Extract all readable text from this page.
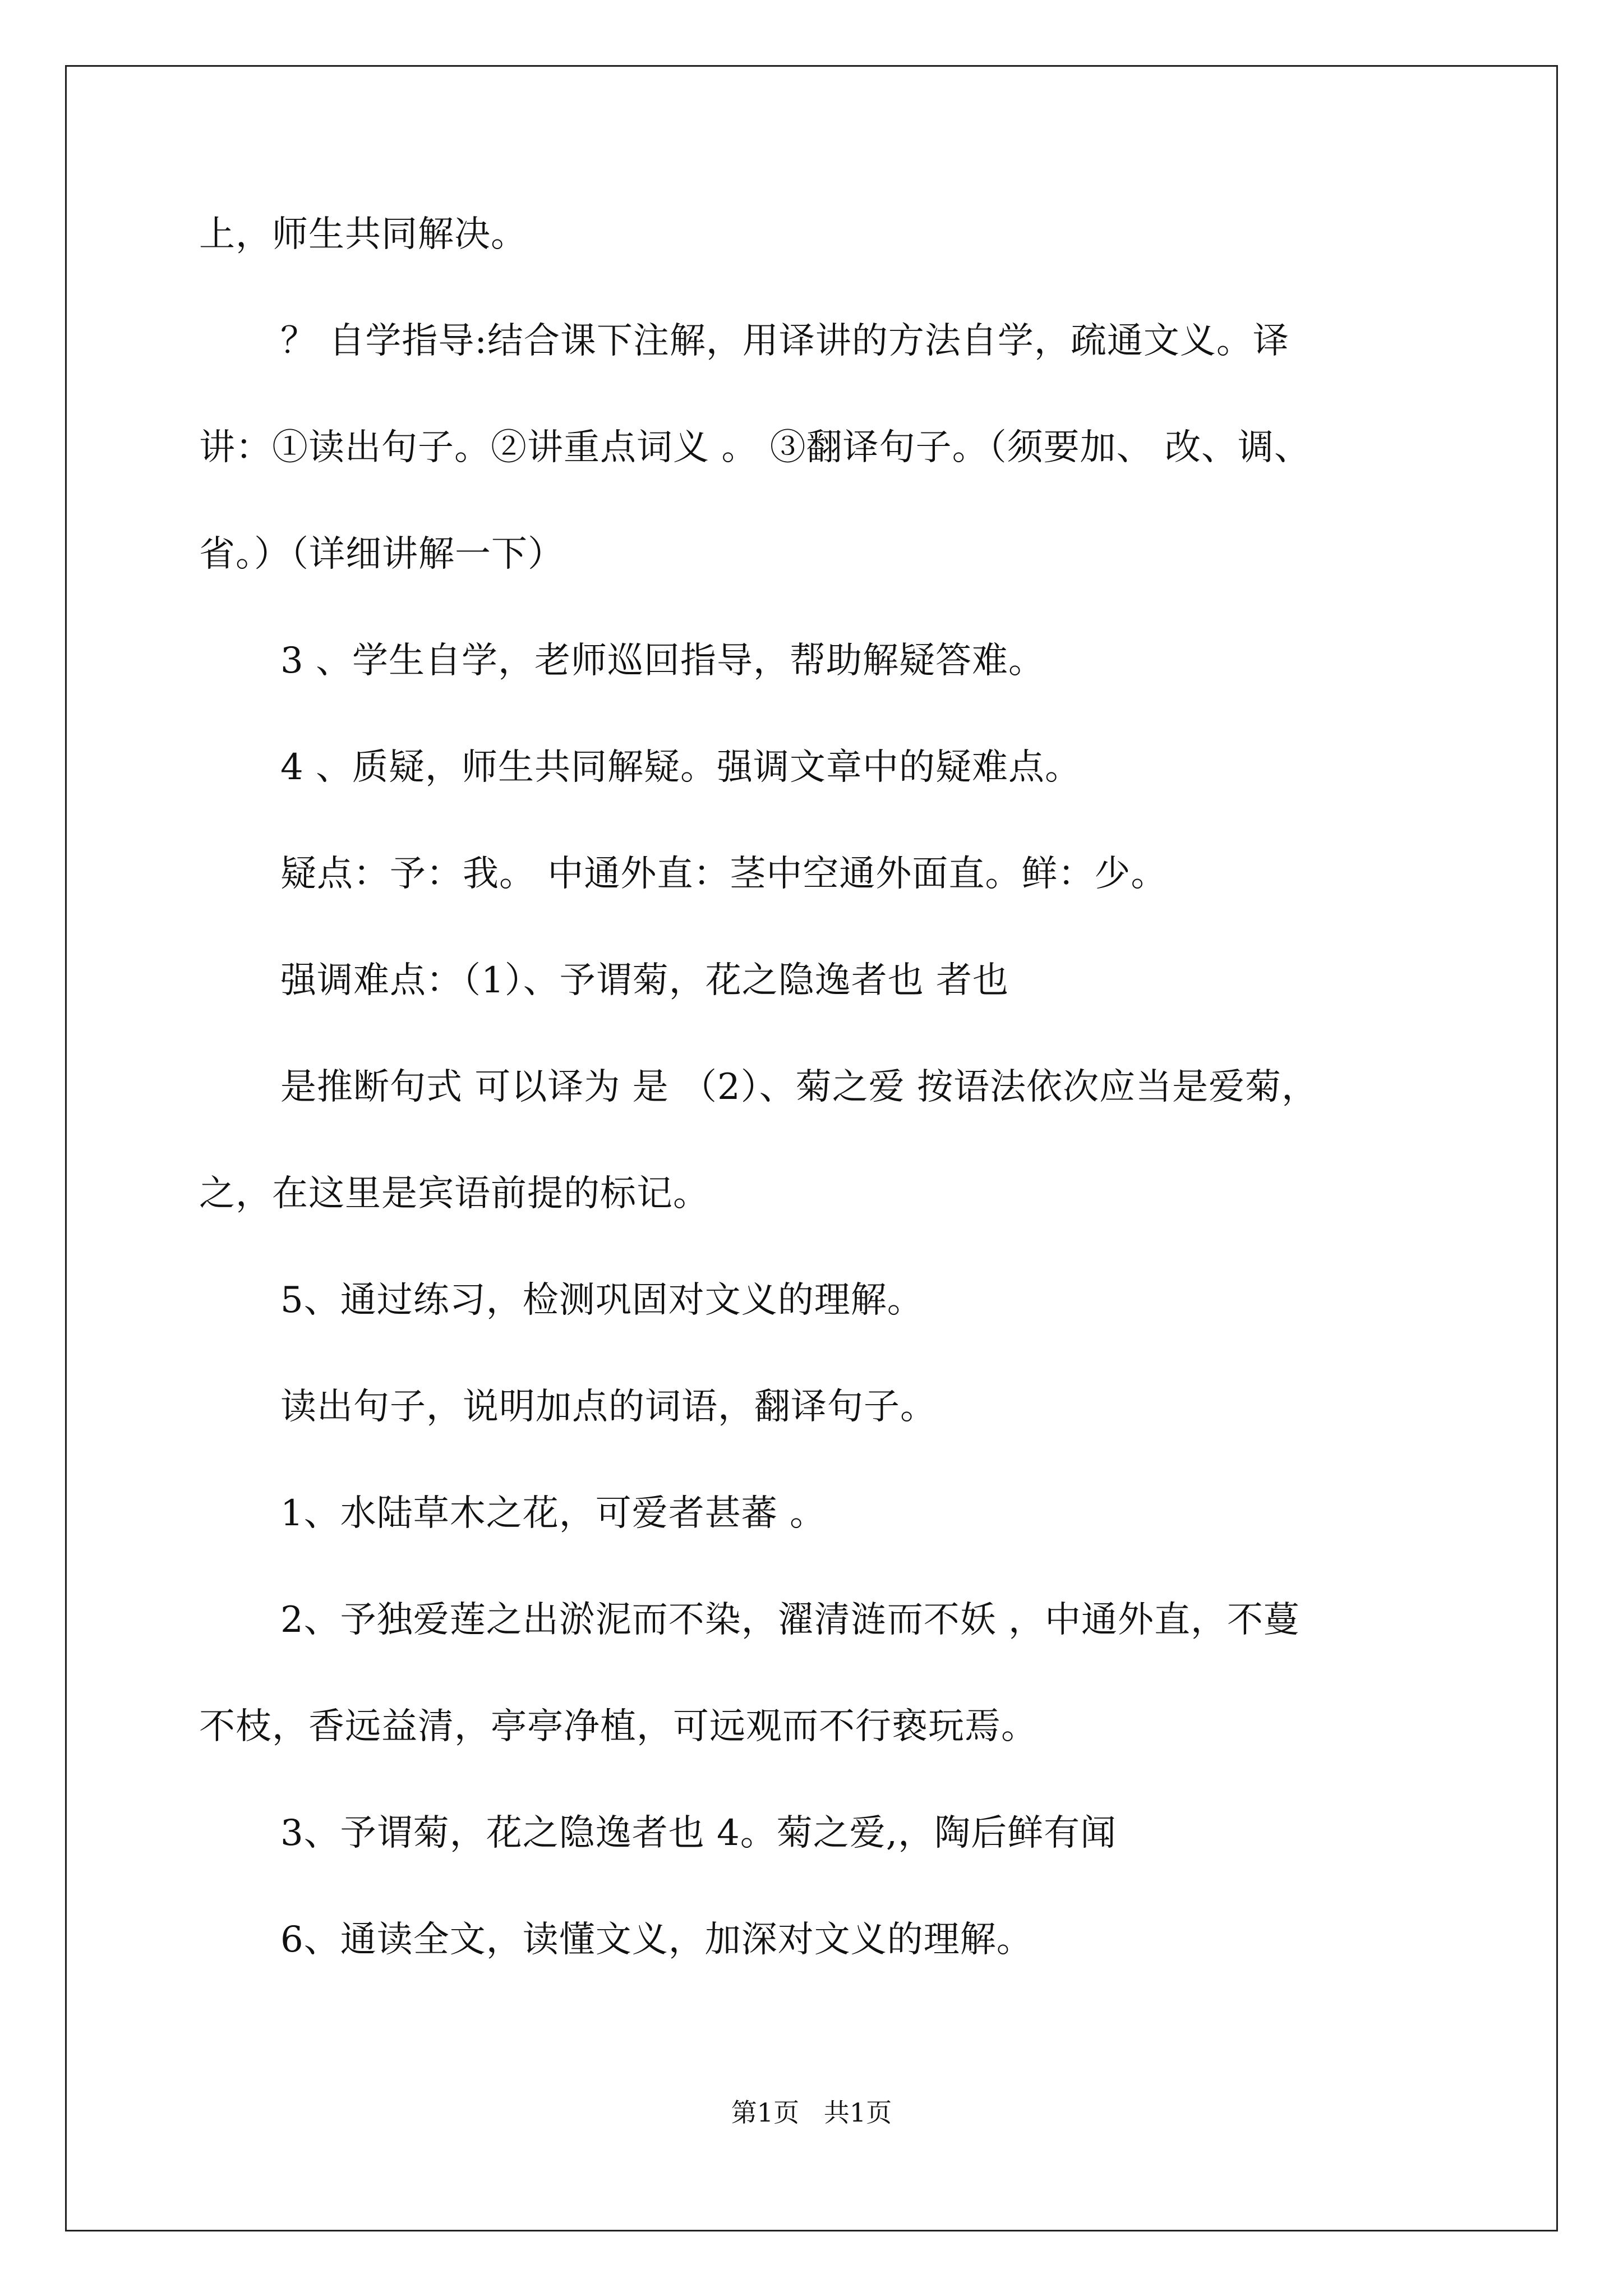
上，师生共同解决。
？ 自学指导:结合课下注解，用译讲的方法自学，疏通文义。译
讲：①读出句子。②讲重点词义 。 ③翻译句子。（须要加、 改、调、
省。）（详细讲解一下）
3 、学生自学，老师巡回指导，帮助解疑答难。
4 、质疑，师生共同解疑。强调文章中的疑难点。
疑点：予：我。 中通外直：茎中空通外面直。鲜：少。
强调难点：（1）、予谓菊，花之隐逸者也 者也
是推断句式 可以译为 是 （2）、菊之爱 按语法依次应当是爱菊，
之，在这里是宾语前提的标记。
5、通过练习，检测巩固对文义的理解。
读出句子，说明加点的词语，翻译句子。
1、水陆草木之花，可爱者甚蕃 。
2、予独爱莲之出淤泥而不染，濯清涟而不妖 ，中通外直，不蔓
不枝，香远益清，亭亭净植，可远观而不行亵玩焉。
3、予谓菊，花之隐逸者也 4。菊之爱,，陶后鲜有闻
6、通读全文，读懂文义，加深对文义的理解。
第1页   共1页
